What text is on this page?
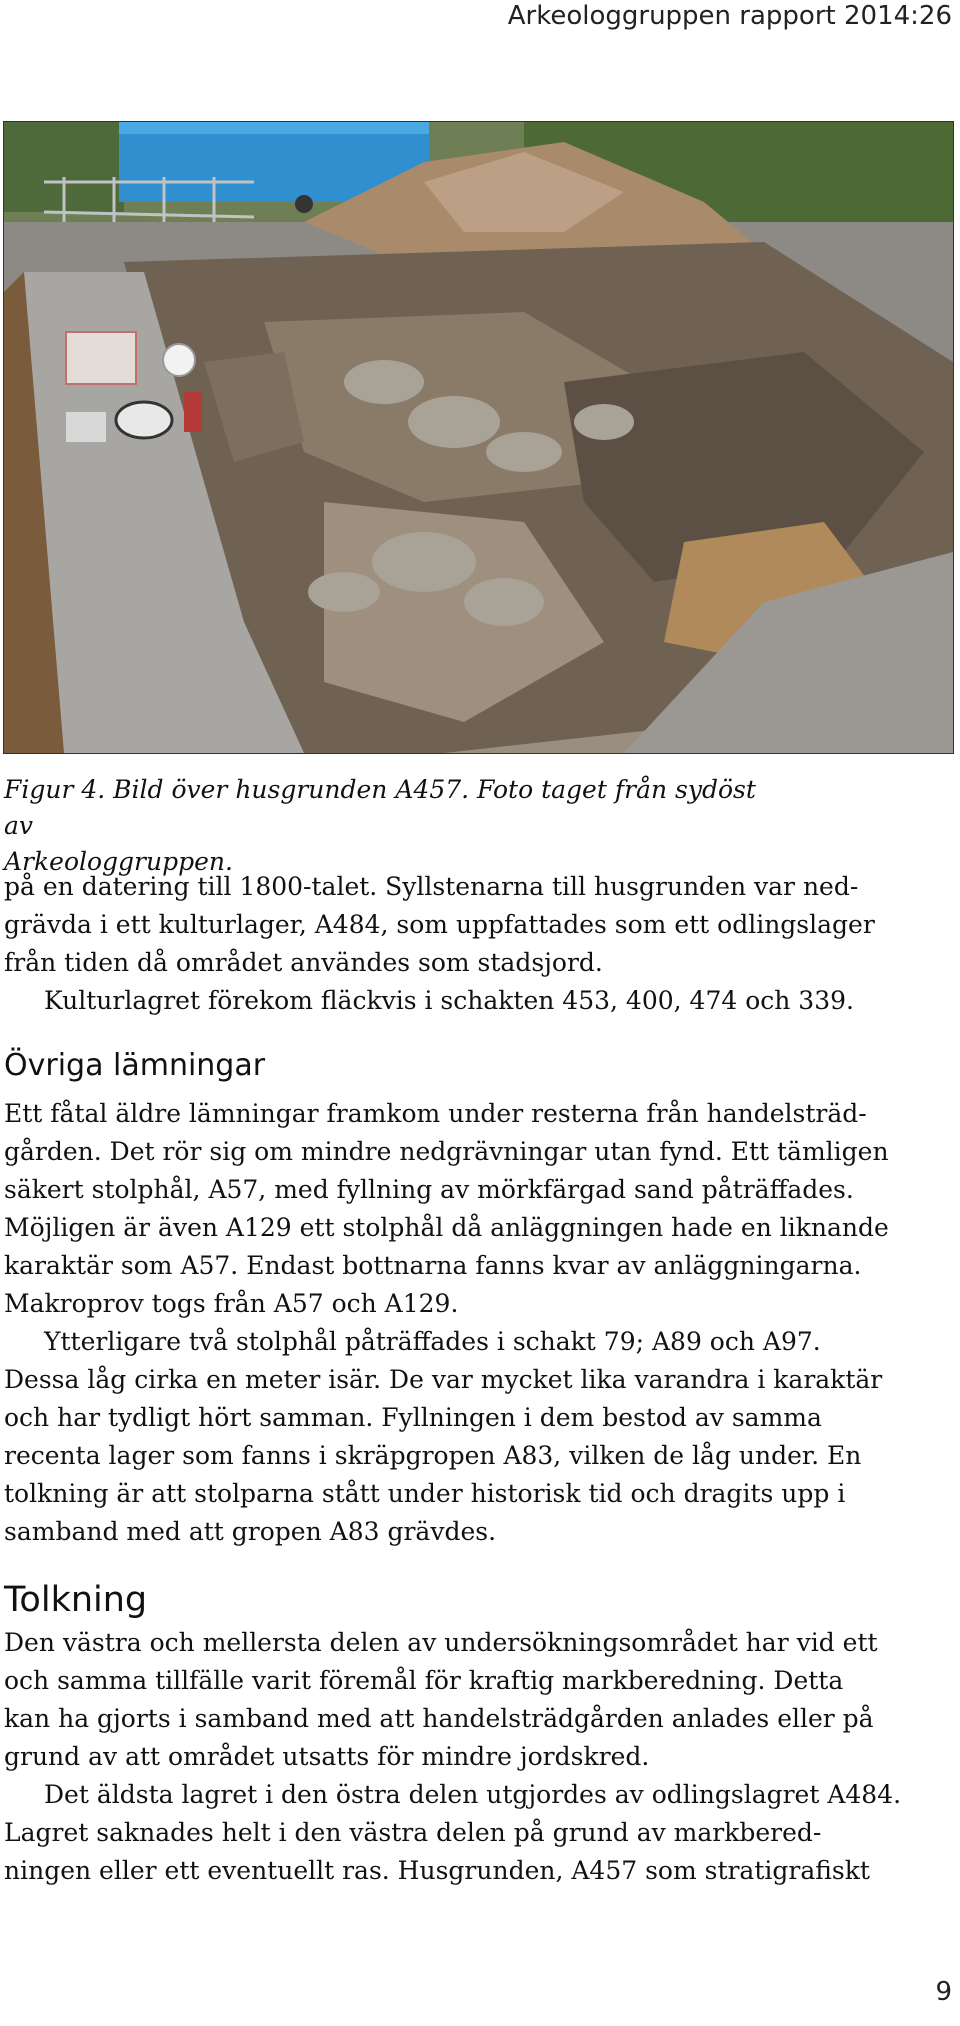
Arkeologgruppen rapport 2014:26
Figur 4. Bild över husgrunden A457. Foto taget från sydöst av
Arkeologgruppen.
på en datering till 1800-talet. Syllstenarna till husgrunden var ned-
grävda i ett kulturlager, A484, som uppfattades som ett odlingslager
från tiden då området användes som stadsjord.
Kulturlagret förekom fläckvis i schakten 453, 400, 474 och 339.
Övriga lämningar
Ett fåtal äldre lämningar framkom under resterna från handelsträd-
gården. Det rör sig om mindre nedgrävningar utan fynd. Ett tämligen
säkert stolphål, A57, med fyllning av mörkfärgad sand påträffades.
Möjligen är även A129 ett stolphål då anläggningen hade en liknande
karaktär som A57. Endast bottnarna fanns kvar av anläggningarna.
Makroprov togs från A57 och A129.
Ytterligare två stolphål påträffades i schakt 79; A89 och A97.
Dessa låg cirka en meter isär. De var mycket lika varandra i karaktär
och har tydligt hört samman. Fyllningen i dem bestod av samma
recenta lager som fanns i skräpgropen A83, vilken de låg under. En
tolkning är att stolparna stått under historisk tid och dragits upp i
samband med att gropen A83 grävdes.
Tolkning
Den västra och mellersta delen av undersökningsområdet har vid ett
och samma tillfälle varit föremål för kraftig markberedning. Detta
kan ha gjorts i samband med att handelsträdgården anlades eller på
grund av att området utsatts för mindre jordskred.
Det äldsta lagret i den östra delen utgjordes av odlingslagret A484.
Lagret saknades helt i den västra delen på grund av markbered-
ningen eller ett eventuellt ras. Husgrunden, A457 som stratigrafiskt
9
